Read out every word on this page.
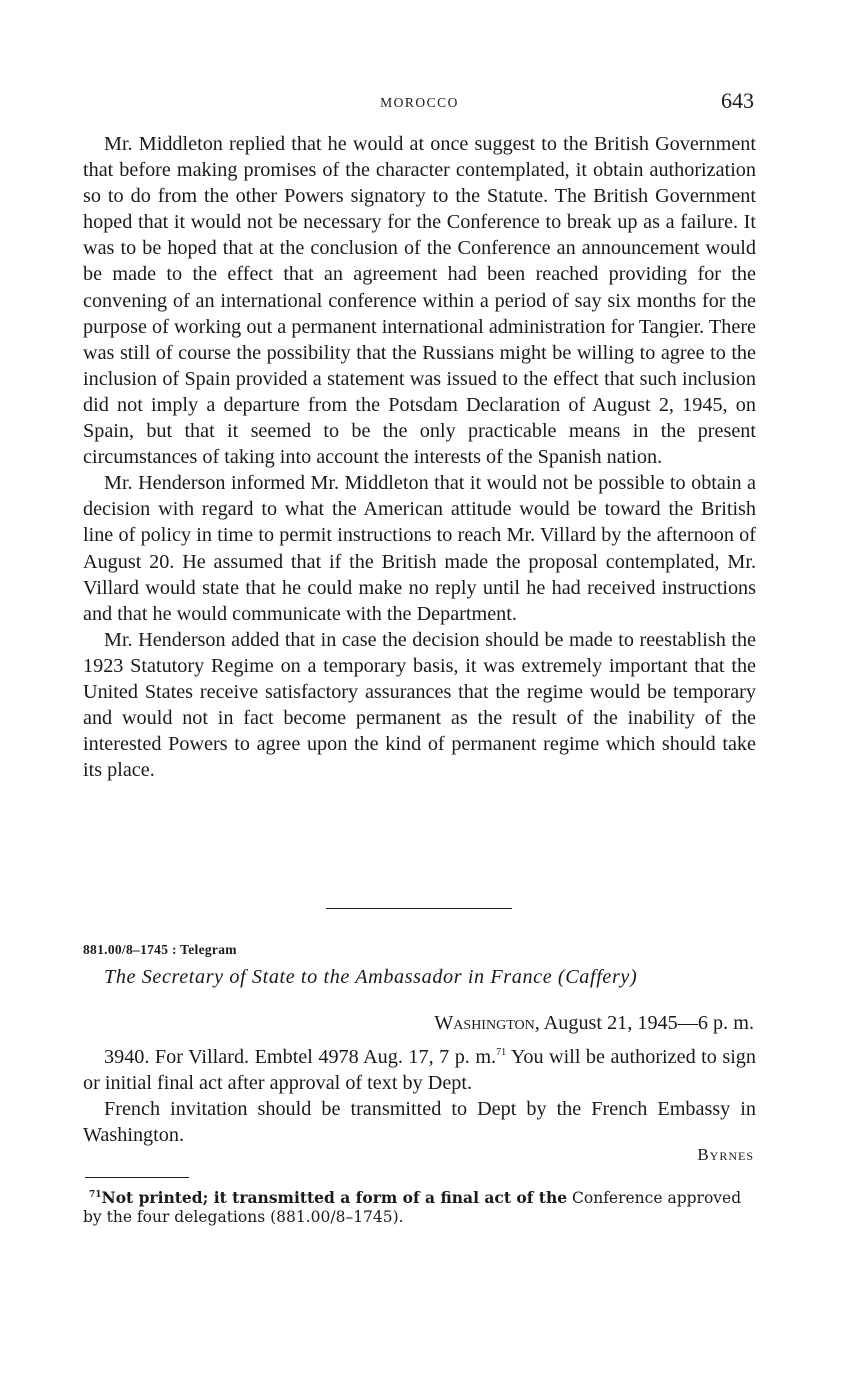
MOROCCO	643

Mr. Middleton replied that he would at once suggest to the British Government that before making promises of the character contemplated, it obtain authorization so to do from the other Powers signatory to the Statute. The British Government hoped that it would not be necessary for the Conference to break up as a failure. It was to be hoped that at the conclusion of the Conference an announcement would be made to the effect that an agreement had been reached providing for the convening of an international conference within a period of say six months for the purpose of working out a permanent international administration for Tangier. There was still of course the possibility that the Russians might be willing to agree to the inclusion of Spain provided a statement was issued to the effect that such inclusion did not imply a departure from the Potsdam Declaration of August 2, 1945, on Spain, but that it seemed to be the only practicable means in the present circumstances of taking into account the interests of the Spanish nation.

Mr. Henderson informed Mr. Middleton that it would not be possible to obtain a decision with regard to what the American attitude would be toward the British line of policy in time to permit instructions to reach Mr. Villard by the afternoon of August 20. He assumed that if the British made the proposal contemplated, Mr. Villard would state that he could make no reply until he had received instructions and that he would communicate with the Department.

Mr. Henderson added that in case the decision should be made to reestablish the 1923 Statutory Regime on a temporary basis, it was extremely important that the United States receive satisfactory assurances that the regime would be temporary and would not in fact become permanent as the result of the inability of the interested Powers to agree upon the kind of permanent regime which should take its place.

881.00/8–1745 : Telegram
The Secretary of State to the Ambassador in France (Caffery)
Washington, August 21, 1945—6 p. m.

3940. For Villard. Embtel 4978 Aug. 17, 7 p. m.$^{71}$ You will be authorized to sign or initial final act after approval of text by Dept.

French invitation should be transmitted to Dept by the French Embassy in Washington.

Byrnes
$^{71}$Not printed; it transmitted a form of a final act of the Conference approved by the four delegations (881.00/8–1745).
